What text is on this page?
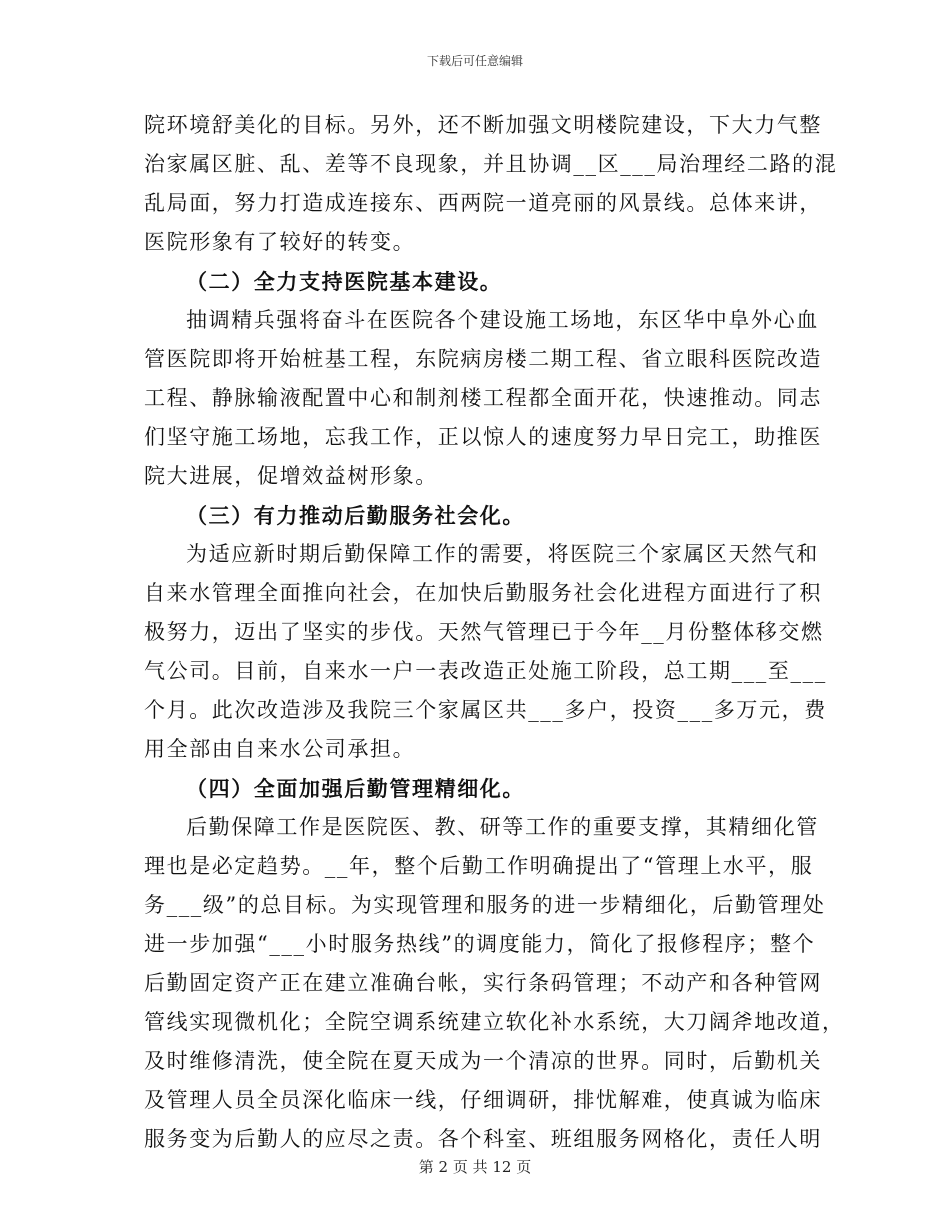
下载后可任意编辑
院环境舒美化的目标。另外，还不断加强文明楼院建设，下大力气整
治家属区脏、乱、差等不良现象，并且协调__区___局治理经二路的混
乱局面，努力打造成连接东、西两院一道亮丽的风景线。总体来讲，
医院形象有了较好的转变。
（二）全力支持医院基本建设。
抽调精兵强将奋斗在医院各个建设施工场地，东区华中阜外心血
管医院即将开始桩基工程，东院病房楼二期工程、省立眼科医院改造
工程、静脉输液配置中心和制剂楼工程都全面开花，快速推动。同志
们坚守施工场地，忘我工作，正以惊人的速度努力早日完工，助推医
院大进展，促增效益树形象。
（三）有力推动后勤服务社会化。
为适应新时期后勤保障工作的需要，将医院三个家属区天然气和
自来水管理全面推向社会，在加快后勤服务社会化进程方面进行了积
极努力，迈出了坚实的步伐。天然气管理已于今年__月份整体移交燃
气公司。目前，自来水一户一表改造正处施工阶段，总工期___至___
个月。此次改造涉及我院三个家属区共___多户，投资___多万元，费
用全部由自来水公司承担。
（四）全面加强后勤管理精细化。
后勤保障工作是医院医、教、研等工作的重要支撑，其精细化管
理也是必定趋势。__年，整个后勤工作明确提出了“管理上水平，服
务___级”的总目标。为实现管理和服务的进一步精细化，后勤管理处
进一步加强“___小时服务热线”的调度能力，简化了报修程序；整个
后勤固定资产正在建立准确台帐，实行条码管理；不动产和各种管网
管线实现微机化；全院空调系统建立软化补水系统，大刀阔斧地改道，
及时维修清洗，使全院在夏天成为一个清凉的世界。同时，后勤机关
及管理人员全员深化临床一线，仔细调研，排忧解难，使真诚为临床
服务变为后勤人的应尽之责。各个科室、班组服务网格化，责任人明
第 2 页 共 12 页
